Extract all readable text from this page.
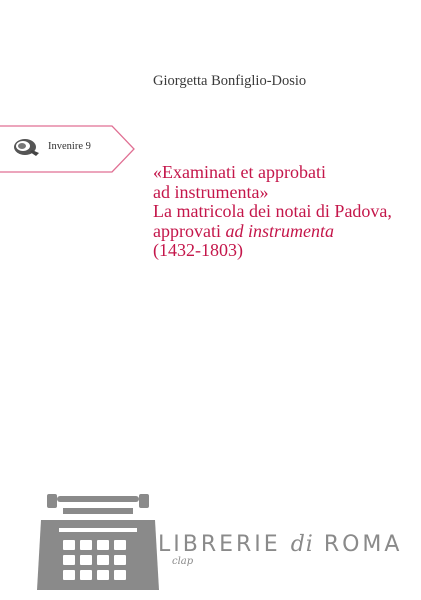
Giorgetta Bonfiglio-Dosio
Invenire 9
«Examinati et approbati
ad instrumenta»
La matricola dei notai di Padova,
approvati ad instrumenta
(1432-1803)
LIBRERIE di ROMA
clap
